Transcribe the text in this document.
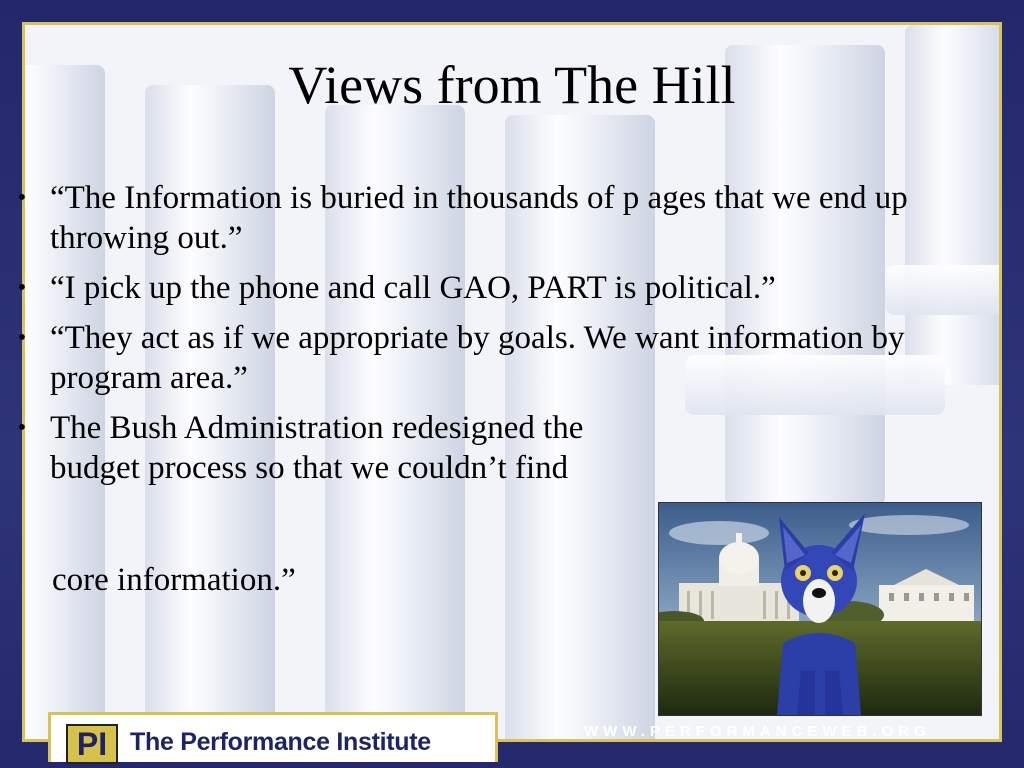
Views from The Hill
• “The Information is buried in thousands of p ages that we end up throwing out.”
• “I pick up the phone and call GAO, PART is political.”
• “They act as if we appropriate by goals. We want information by program area.”
• The Bush Administration redesigned the budget process so that we couldn’t find
core information.”
PI The Performance Institute	WWW.PERFORMANCEWEB.ORG
